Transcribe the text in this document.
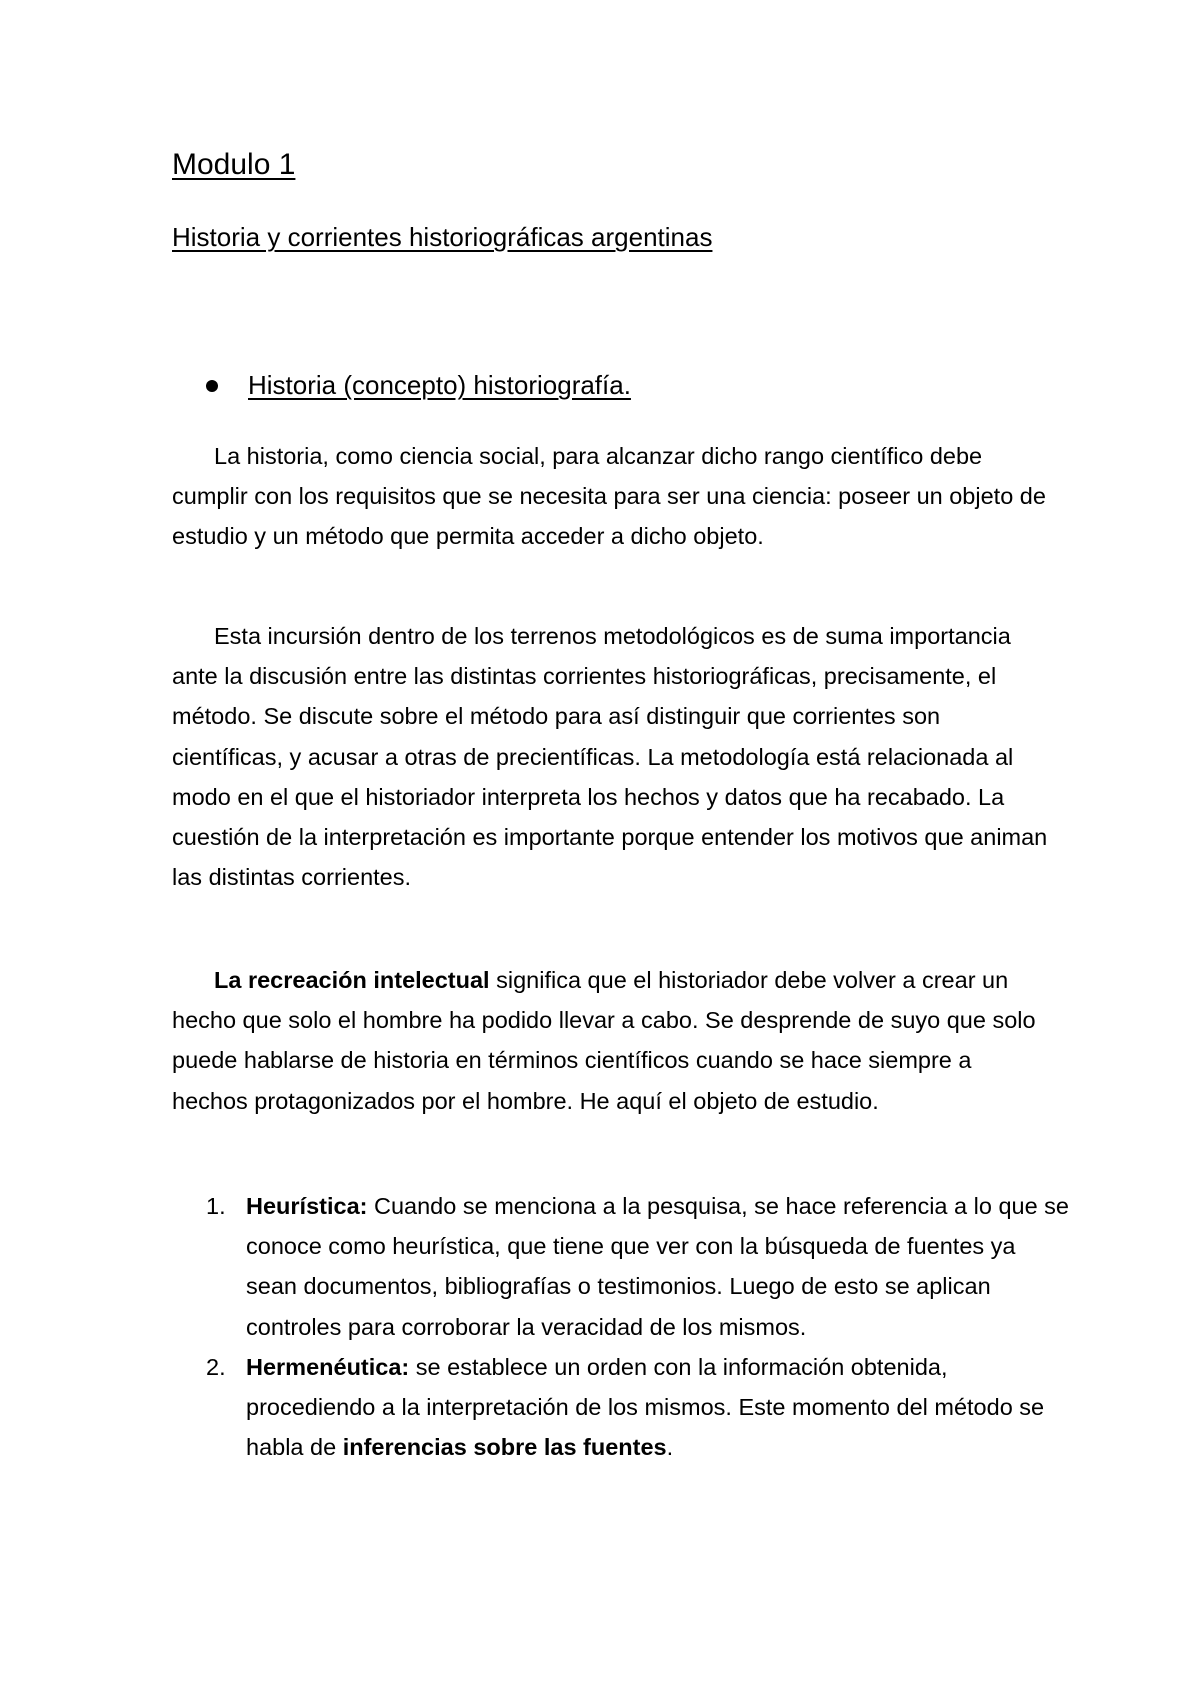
Modulo 1
Historia y corrientes historiográficas argentinas
Historia (concepto) historiografía.

La historia, como ciencia social, para alcanzar dicho rango científico debe cumplir con los requisitos que se necesita para ser una ciencia: poseer un objeto de estudio y un método que permita acceder a dicho objeto.

Esta incursión dentro de los terrenos metodológicos es de suma importancia ante la discusión entre las distintas corrientes historiográficas, precisamente, el método. Se discute sobre el método para así distinguir que corrientes son científicas, y acusar a otras de precientíficas. La metodología está relacionada al modo en el que el historiador interpreta los hechos y datos que ha recabado. La cuestión de la interpretación es importante porque entender los motivos que animan las distintas corrientes.

La recreación intelectual significa que el historiador debe volver a crear un hecho que solo el hombre ha podido llevar a cabo. Se desprende de suyo que solo puede hablarse de historia en términos científicos cuando se hace siempre a hechos protagonizados por el hombre. He aquí el objeto de estudio.

1. Heurística: Cuando se menciona a la pesquisa, se hace referencia a lo que se conoce como heurística, que tiene que ver con la búsqueda de fuentes ya sean documentos, bibliografías o testimonios. Luego de esto se aplican controles para corroborar la veracidad de los mismos.
2. Hermenéutica: se establece un orden con la información obtenida, procediendo a la interpretación de los mismos. Este momento del método se habla de inferencias sobre las fuentes.
